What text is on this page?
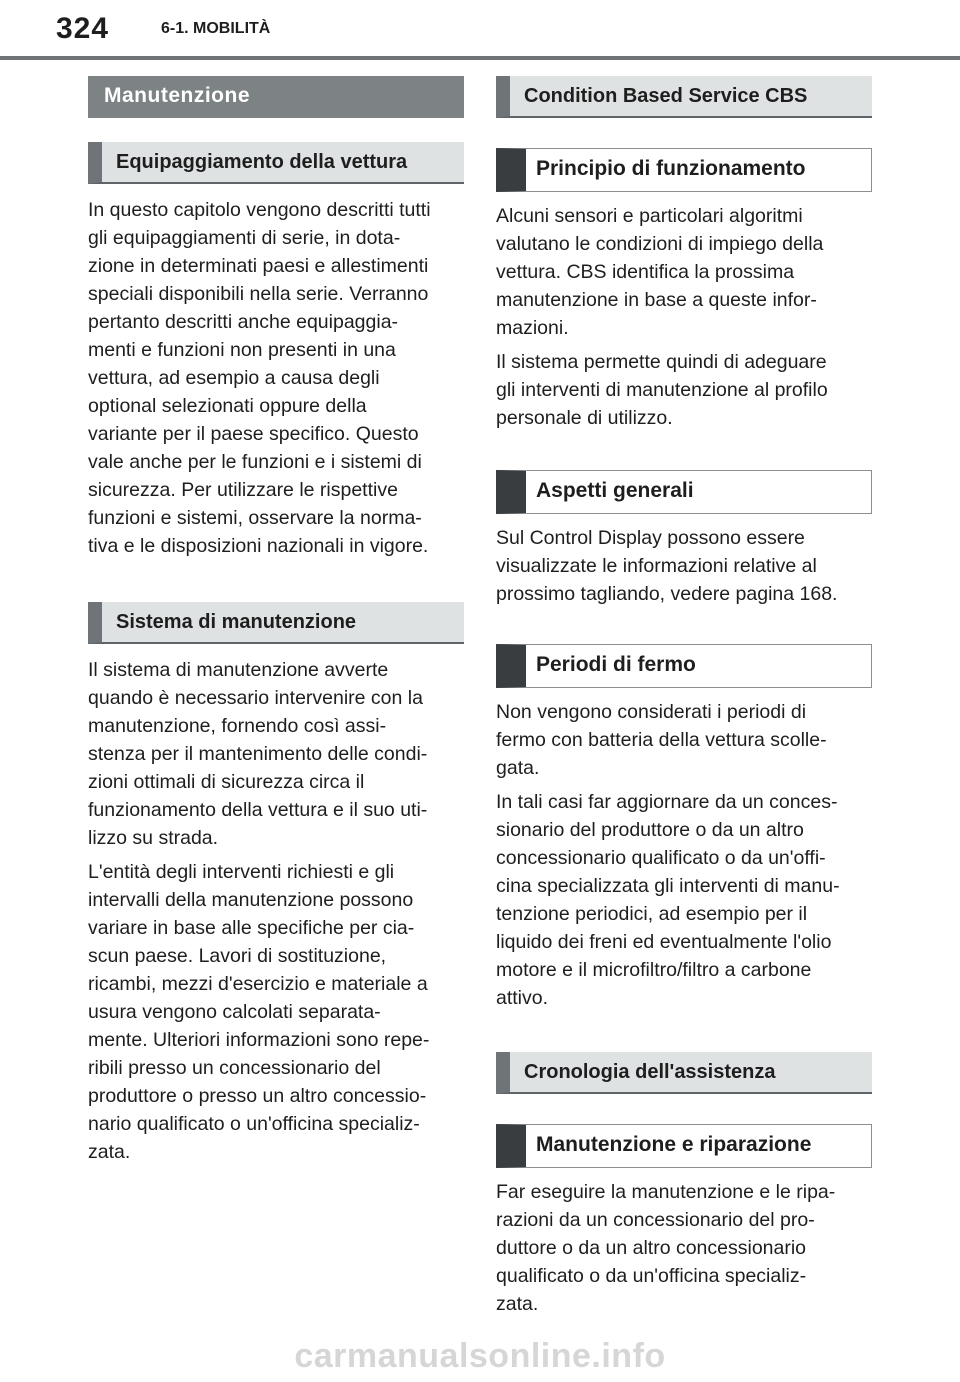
324	6-1. MOBILITÀ
Manutenzione
Equipaggiamento della vettura

In questo capitolo vengono descritti tutti
gli equipaggiamenti di serie, in dota-
zione in determinati paesi e allestimenti
speciali disponibili nella serie. Verranno
pertanto descritti anche equipaggia-
menti e funzioni non presenti in una
vettura, ad esempio a causa degli
optional selezionati oppure della
variante per il paese specifico. Questo
vale anche per le funzioni e i sistemi di
sicurezza. Per utilizzare le rispettive
funzioni e sistemi, osservare la norma-
tiva e le disposizioni nazionali in vigore.

Sistema di manutenzione

Il sistema di manutenzione avverte
quando è necessario intervenire con la
manutenzione, fornendo così assi-
stenza per il mantenimento delle condi-
zioni ottimali di sicurezza circa il
funzionamento della vettura e il suo uti-
lizzo su strada.

L'entità degli interventi richiesti e gli
intervalli della manutenzione possono
variare in base alle specifiche per cia-
scun paese. Lavori di sostituzione,
ricambi, mezzi d'esercizio e materiale a
usura vengono calcolati separata-
mente. Ulteriori informazioni sono repe-
ribili presso un concessionario del
produttore o presso un altro concessio-
nario qualificato o un'officina specializ-
zata.

Condition Based Service CBS
Principio di funzionamento

Alcuni sensori e particolari algoritmi
valutano le condizioni di impiego della
vettura. CBS identifica la prossima
manutenzione in base a queste infor-
mazioni.

Il sistema permette quindi di adeguare
gli interventi di manutenzione al profilo
personale di utilizzo.

Aspetti generali

Sul Control Display possono essere
visualizzate le informazioni relative al
prossimo tagliando, vedere pagina 168.

Periodi di fermo

Non vengono considerati i periodi di
fermo con batteria della vettura scolle-
gata.

In tali casi far aggiornare da un conces-
sionario del produttore o da un altro
concessionario qualificato o da un'offi-
cina specializzata gli interventi di manu-
tenzione periodici, ad esempio per il
liquido dei freni ed eventualmente l'olio
motore e il microfiltro/filtro a carbone
attivo.

Cronologia dell'assistenza
Manutenzione e riparazione

Far eseguire la manutenzione e le ripa-
razioni da un concessionario del pro-
duttore o da un altro concessionario
qualificato o da un'officina specializ-
zata.

carmanualsonline.info
